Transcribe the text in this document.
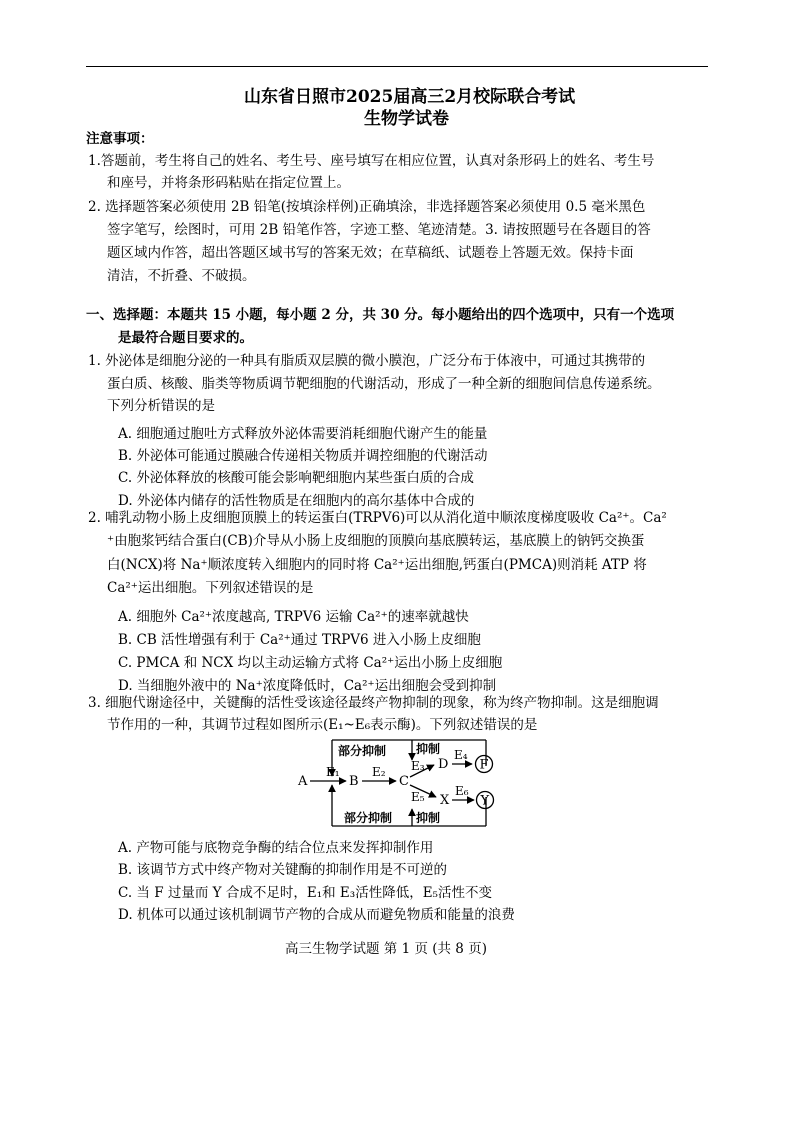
山东省日照市2025届高三2月校际联合考试
生物学试卷
注意事项：
1.答题前，考生将自己的姓名、考生号、座号填写在相应位置，认真对条形码上的姓名、考生号
和座号，并将条形码粘贴在指定位置上。
2. 选择题答案必须使用 2B 铅笔(按填涂样例)正确填涂，非选择题答案必须使用 0.5 毫米黑色
签字笔写，绘图时，可用 2B 铅笔作答，字迹工整、笔迹清楚。3. 请按照题号在各题目的答
题区域内作答，超出答题区域书写的答案无效；在草稿纸、试题卷上答题无效。保持卡面
清洁，不折叠、不破损。
一、选择题：本题共 15 小题，每小题 2 分，共 30 分。每小题给出的四个选项中，只有一个选项
是最符合题目要求的。
1. 外泌体是细胞分泌的一种具有脂质双层膜的微小膜泡，广泛分布于体液中，可通过其携带的
蛋白质、核酸、脂类等物质调节靶细胞的代谢活动，形成了一种全新的细胞间信息传递系统。
下列分析错误的是
A. 细胞通过胞吐方式释放外泌体需要消耗细胞代谢产生的能量
B. 外泌体可能通过膜融合传递相关物质并调控细胞的代谢活动
C. 外泌体释放的核酸可能会影响靶细胞内某些蛋白质的合成
D. 外泌体内储存的活性物质是在细胞内的高尔基体中合成的
2. 哺乳动物小肠上皮细胞顶膜上的转运蛋白(TRPV6)可以从消化道中顺浓度梯度吸收 Ca²⁺。Ca²
⁺由胞浆钙结合蛋白(CB)介导从小肠上皮细胞的顶膜向基底膜转运，基底膜上的钠钙交换蛋
白(NCX)将 Na⁺顺浓度转入细胞内的同时将 Ca²⁺运出细胞,钙蛋白(PMCA)则消耗 ATP 将
Ca²⁺运出细胞。下列叙述错误的是
A. 细胞外 Ca²⁺浓度越高, TRPV6 运输 Ca²⁺的速率就越快
B. CB 活性增强有利于 Ca²⁺通过 TRPV6 进入小肠上皮细胞
C. PMCA 和 NCX 均以主动运输方式将 Ca²⁺运出小肠上皮细胞
D. 当细胞外液中的 Na⁺浓度降低时，Ca²⁺运出细胞会受到抑制
3. 细胞代谢途径中，关键酶的活性受该途径最终产物抑制的现象，称为终产物抑制。这是细胞调
节作用的一种，其调节过程如图所示(E₁~E₆表示酶)。下列叙述错误的是
部分抑制 抑制
部分抑制 抑制
A
E₁
B
E₂
C
E₃ D
E₄
F
E₅ X
E₆
Y
A. 产物可能与底物竞争酶的结合位点来发挥抑制作用
B. 该调节方式中终产物对关键酶的抑制作用是不可逆的
C. 当 F 过量而 Y 合成不足时，E₁和 E₃活性降低，E₅活性不变
D. 机体可以通过该机制调节产物的合成从而避免物质和能量的浪费
高三生物学试题 第 1 页 (共 8 页)
